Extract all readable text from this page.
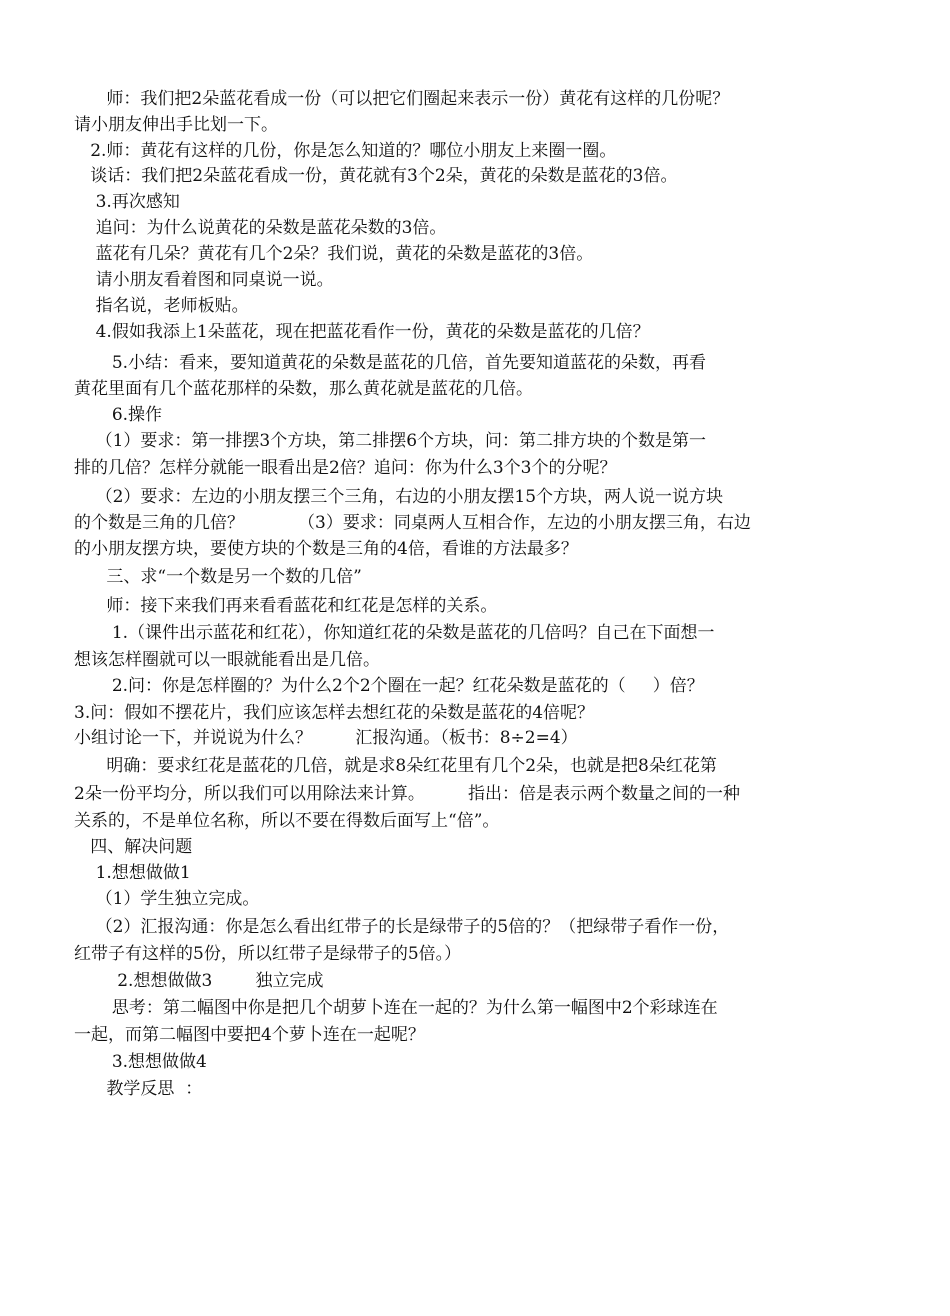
师：我们把2朵蓝花看成一份（可以把它们圈起来表示一份）黄花有这样的几份呢？
请小朋友伸出手比划一下。
2.师：黄花有这样的几份，你是怎么知道的？哪位小朋友上来圈一圈。
谈话：我们把2朵蓝花看成一份，黄花就有3个2朵，黄花的朵数是蓝花的3倍。
3.再次感知
追问：为什么说黄花的朵数是蓝花朵数的3倍。
蓝花有几朵？黄花有几个2朵？我们说，黄花的朵数是蓝花的3倍。
请小朋友看着图和同桌说一说。
指名说，老师板贴。
4.假如我添上1朵蓝花，现在把蓝花看作一份，黄花的朵数是蓝花的几倍？
5.小结：看来，要知道黄花的朵数是蓝花的几倍，首先要知道蓝花的朵数，再看
黄花里面有几个蓝花那样的朵数，那么黄花就是蓝花的几倍。
6.操作
（1）要求：第一排摆3个方块，第二排摆6个方块，问：第二排方块的个数是第一
排的几倍？怎样分就能一眼看出是2倍？追问：你为什么3个3个的分呢？
（2）要求：左边的小朋友摆三个三角，右边的小朋友摆15个方块，两人说一说方块
的个数是三角的几倍？          （3）要求：同桌两人互相合作，左边的小朋友摆三角，右边
的小朋友摆方块，要使方块的个数是三角的4倍，看谁的方法最多？
三、求“一个数是另一个数的几倍”
师：接下来我们再来看看蓝花和红花是怎样的关系。
1.（课件出示蓝花和红花），你知道红花的朵数是蓝花的几倍吗？自己在下面想一
想该怎样圈就可以一眼就能看出是几倍。
2.问：你是怎样圈的？为什么2个2个圈在一起？红花朵数是蓝花的（     ）倍？
3.问：假如不摆花片，我们应该怎样去想红花的朵数是蓝花的4倍呢？
小组讨论一下，并说说为什么？        汇报沟通。（板书：8÷2=4）
明确：要求红花是蓝花的几倍，就是求8朵红花里有几个2朵，也就是把8朵红花第
2朵一份平均分，所以我们可以用除法来计算。        指出：倍是表示两个数量之间的一种
关系的，不是单位名称，所以不要在得数后面写上“倍”。
四、解决问题
1.想想做做1
（1）学生独立完成。
（2）汇报沟通：你是怎么看出红带子的长是绿带子的5倍的？（把绿带子看作一份，
红带子有这样的5份，所以红带子是绿带子的5倍。）
2.想想做做3        独立完成
思考：第二幅图中你是把几个胡萝卜连在一起的？为什么第一幅图中2个彩球连在
一起，而第二幅图中要把4个萝卜连在一起呢？
3.想想做做4
教学反思  ：
